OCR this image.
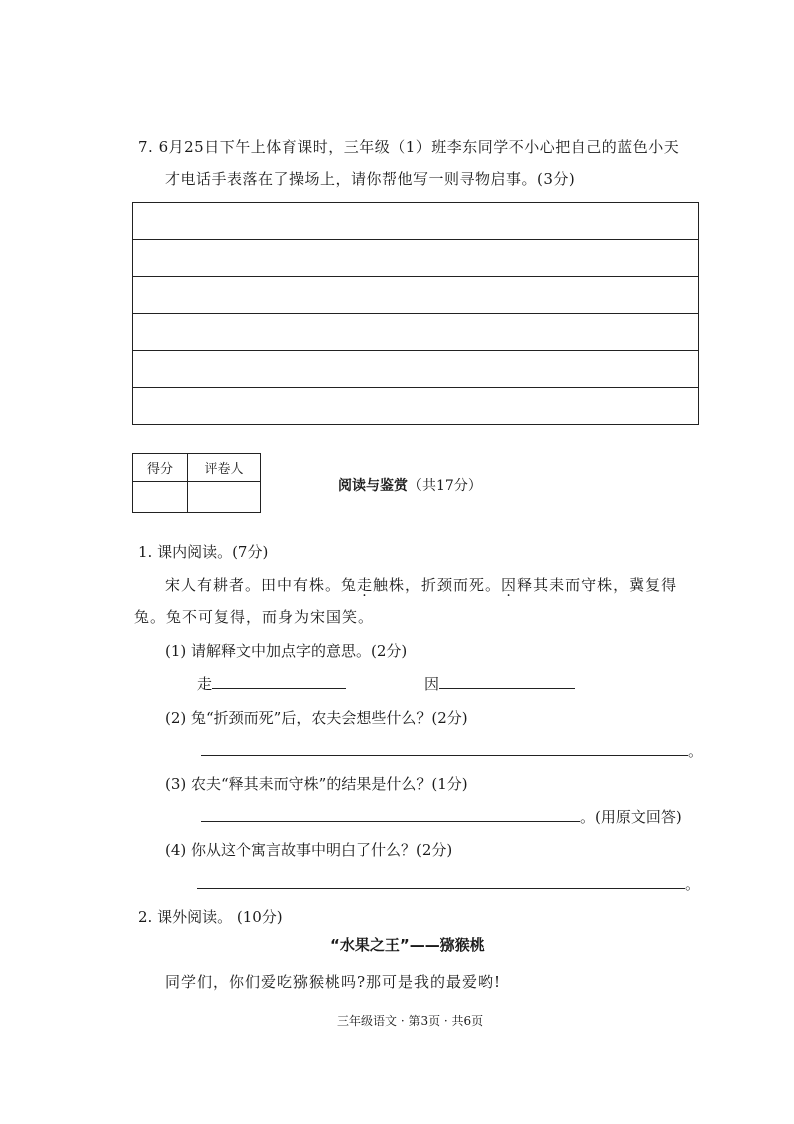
7. 6月25日下午上体育课时，三年级（1）班李东同学不小心把自己的蓝色小天
才电话手表落在了操场上，请你帮他写一则寻物启事。(3分)
得分	评卷人

阅读与鉴赏（共17分）
1. 课内阅读。(7分)
宋人有耕者。田中有株。兔走触株，折颈而死。因释其耒而守株，冀复得
兔。兔不可复得，而身为宋国笑。
(1) 请解释文中加点字的意思。(2分)
走	因
(2) 兔“折颈而死”后，农夫会想些什么？(2分)
。
(3) 农夫“释其耒而守株”的结果是什么？(1分)
。(用原文回答)
(4) 你从这个寓言故事中明白了什么？(2分)
。
2. 课外阅读。 (10分)
“水果之王”——猕猴桃
同学们，你们爱吃猕猴桃吗?那可是我的最爱哟!
三年级语文 · 第3页 · 共6页
